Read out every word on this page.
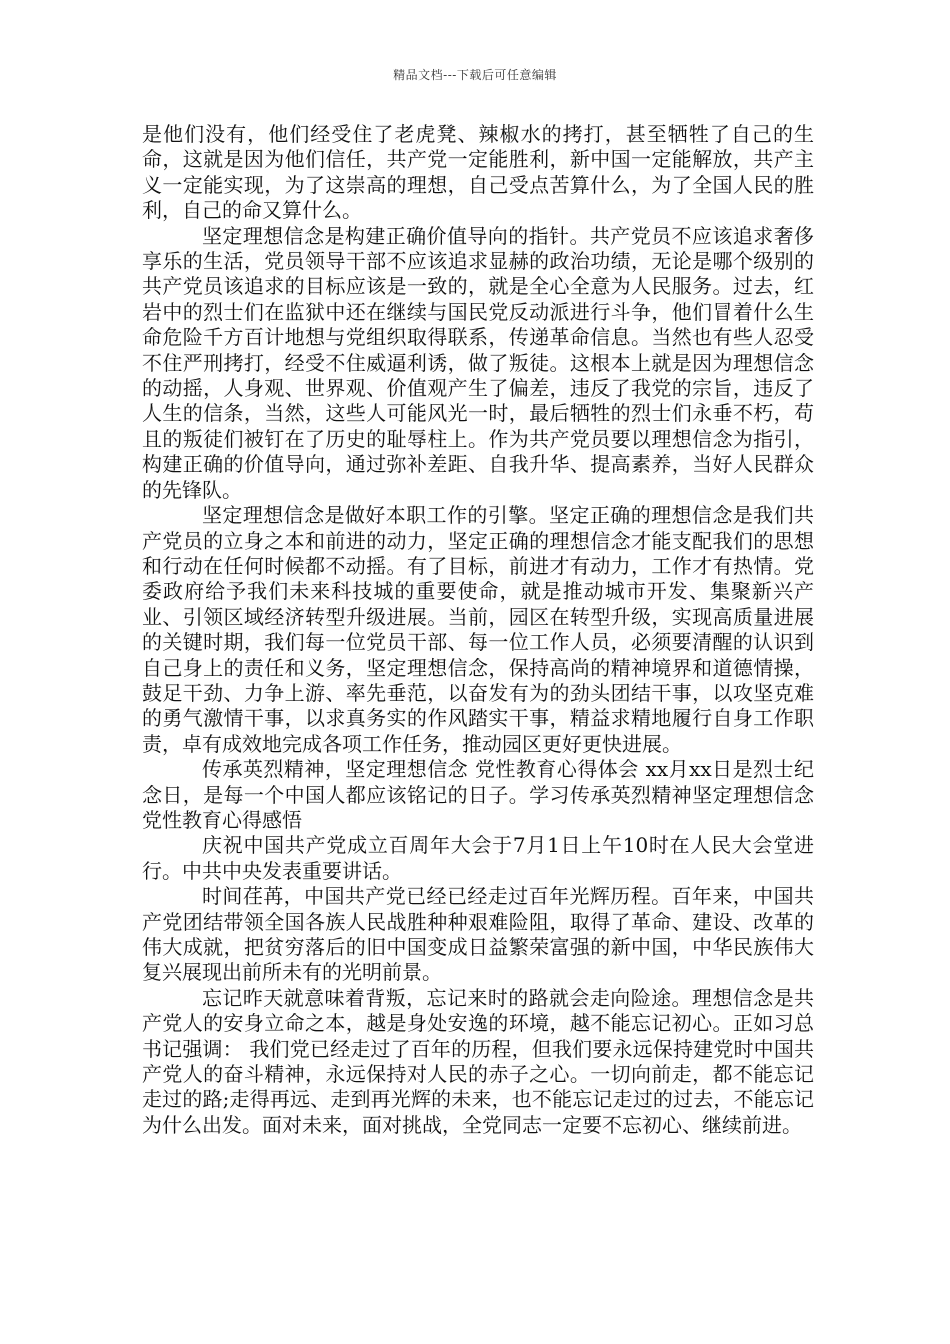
精品文档---下载后可任意编辑

是他们没有，他们经受住了老虎凳、辣椒水的拷打，甚至牺牲了自己的生命，这就是因为他们信任，共产党一定能胜利，新中国一定能解放，共产主义一定能实现，为了这崇高的理想，自己受点苦算什么，为了全国人民的胜利，自己的命又算什么。

坚定理想信念是构建正确价值导向的指针。共产党员不应该追求奢侈享乐的生活，党员领导干部不应该追求显赫的政治功绩，无论是哪个级别的共产党员该追求的目标应该是一致的，就是全心全意为人民服务。过去，红岩中的烈士们在监狱中还在继续与国民党反动派进行斗争，他们冒着什么生命危险千方百计地想与党组织取得联系，传递革命信息。当然也有些人忍受不住严刑拷打，经受不住威逼利诱，做了叛徒。这根本上就是因为理想信念的动摇，人身观、世界观、价值观产生了偏差，违反了我党的宗旨，违反了人生的信条，当然，这些人可能风光一时，最后牺牲的烈士们永垂不朽，苟且的叛徒们被钉在了历史的耻辱柱上。作为共产党员要以理想信念为指引，构建正确的价值导向，通过弥补差距、自我升华、提高素养，当好人民群众的先锋队。

坚定理想信念是做好本职工作的引擎。坚定正确的理想信念是我们共产党员的立身之本和前进的动力，坚定正确的理想信念才能支配我们的思想和行动在任何时候都不动摇。有了目标，前进才有动力，工作才有热情。党委政府给予我们未来科技城的重要使命，就是推动城市开发、集聚新兴产业、引领区域经济转型升级进展。当前，园区在转型升级，实现高质量进展的关键时期，我们每一位党员干部、每一位工作人员，必须要清醒的认识到自己身上的责任和义务，坚定理想信念，保持高尚的精神境界和道德情操，鼓足干劲、力争上游、率先垂范，以奋发有为的劲头团结干事，以攻坚克难的勇气激情干事，以求真务实的作风踏实干事，精益求精地履行自身工作职责，卓有成效地完成各项工作任务，推动园区更好更快进展。

传承英烈精神，坚定理想信念 党性教育心得体会 xx月xx日是烈士纪念日，是每一个中国人都应该铭记的日子。学习传承英烈精神坚定理想信念党性教育心得感悟

庆祝中国共产党成立百周年大会于7月1日上午10时在人民大会堂进行。中共中央发表重要讲话。

时间荏苒，中国共产党已经已经走过百年光辉历程。百年来，中国共产党团结带领全国各族人民战胜种种艰难险阻，取得了革命、建设、改革的伟大成就，把贫穷落后的旧中国变成日益繁荣富强的新中国，中华民族伟大复兴展现出前所未有的光明前景。

忘记昨天就意味着背叛，忘记来时的路就会走向险途。理想信念是共产党人的安身立命之本，越是身处安逸的环境，越不能忘记初心。正如习总书记强调： 我们党已经走过了百年的历程，但我们要永远保持建党时中国共产党人的奋斗精神，永远保持对人民的赤子之心。一切向前走，都不能忘记走过的路;走得再远、走到再光辉的未来，也不能忘记走过的过去，不能忘记为什么出发。面对未来，面对挑战，全党同志一定要不忘初心、继续前进。
